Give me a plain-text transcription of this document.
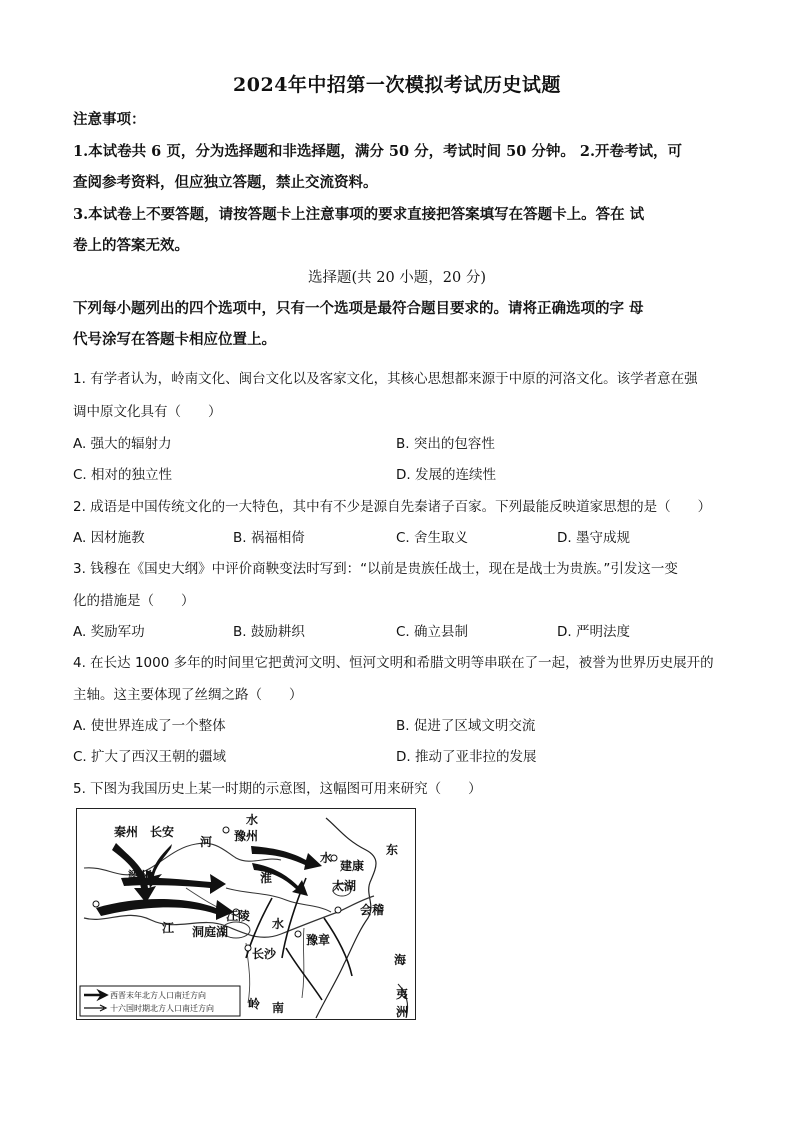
2024年中招第一次模拟考试历史试题
注意事项：
1.本试卷共 6 页，分为选择题和非选择题，满分 50 分，考试时间 50 分钟。 2.开卷考试，可
查阅参考资料，但应独立答题，禁止交流资料。
3.本试卷上不要答题，请按答题卡上注意事项的要求直接把答案填写在答题卡上。答在 试
卷上的答案无效。
选择题(共 20 小题，20 分)
下列每小题列出的四个选项中，只有一个选项是最符合题目要求的。请将正确选项的字 母
代号涂写在答题卡相应位置上。
1. 有学者认为，岭南文化、闽台文化以及客家文化，其核心思想都来源于中原的河洛文化。该学者意在强
调中原文化具有（　　）
A. 强大的辐射力	B. 突出的包容性
C. 相对的独立性	D. 发展的连续性
2. 成语是中国传统文化的一大特色，其中有不少是源自先秦诸子百家。下列最能反映道家思想的是（　　）
A. 因材施教	B. 祸福相倚	C. 舍生取义	D. 墨守成规
3. 钱穆在《国史大纲》中评价商鞅变法时写到：“以前是贵族任战士，现在是战士为贵族。”引发这一变
化的措施是（　　）
A. 奖励军功	B. 鼓励耕织	C. 确立县制	D. 严明法度
4. 在长达 1000 多年的时间里它把黄河文明、恒河文明和希腊文明等串联在了一起，被誉为世界历史展开的
主轴。这主要体现了丝绸之路（　　）
A. 使世界连成了一个整体	B. 促进了区域文明交流
C. 扩大了西汉王朝的疆域	D. 推动了亚非拉的发展
5. 下图为我国历史上某一时期的示意图，这幅图可用来研究（　　）
秦州 长安
河
水
豫州
东
梁州
水
建康
淮
太湖
江陵	会稽
江 洞庭湖
水
豫章
海
长沙
岭 南
夷
洲
西晋末年北方人口南迁方向
十六国时期北方人口南迁方向
